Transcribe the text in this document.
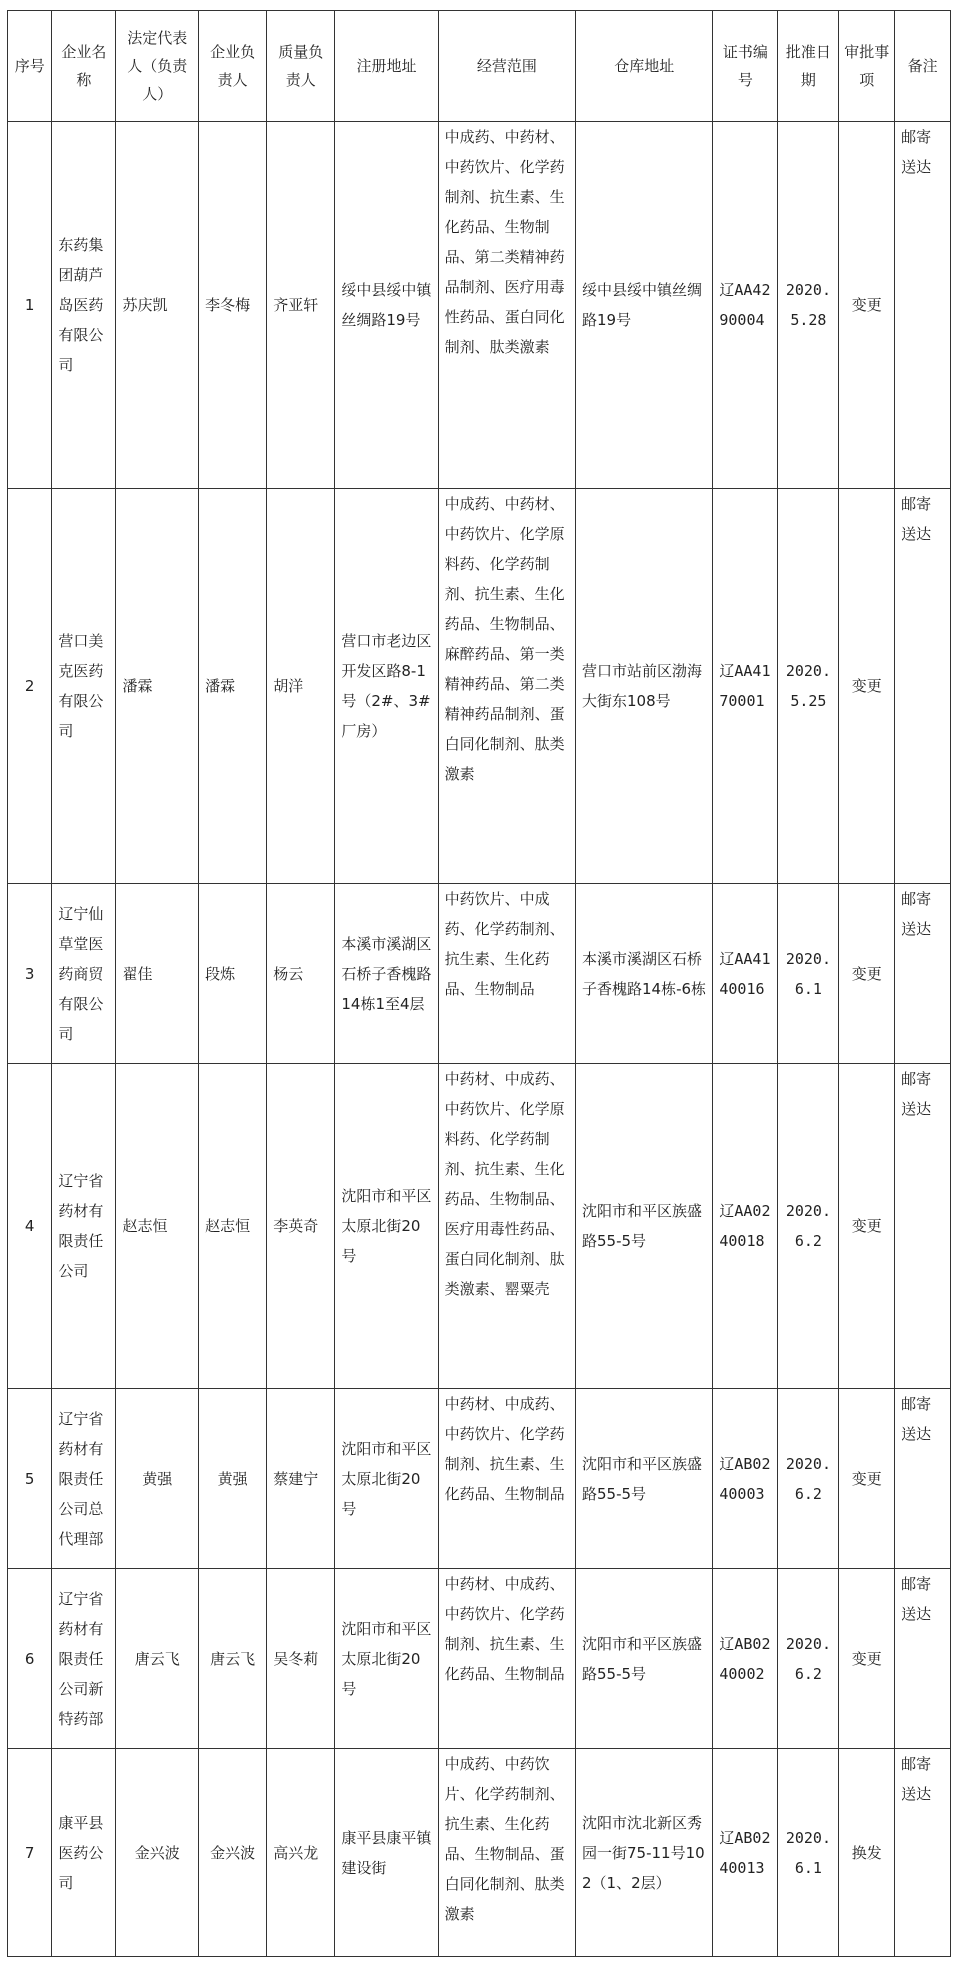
序号	企业名称	法定代表人（负责人）	企业负责人	质量负责人	注册地址	经营范围	仓库地址	证书编号	批准日期	审批事项	备注
1	东药集团葫芦岛医药有限公司	苏庆凯	李冬梅	齐亚轩	绥中县绥中镇丝绸路19号	中成药、中药材、中药饮片、化学药制剂、抗生素、生化药品、生物制品、第二类精神药品制剂、医疗用毒性药品、蛋白同化制剂、肽类激素	绥中县绥中镇丝绸路19号	辽AA4290004	2020.5.28	变更	邮寄送达
2	营口美克医药有限公司	潘霖	潘霖	胡洋	营口市老边区开发区路8-1号（2#、3#厂房）	中成药、中药材、中药饮片、化学原料药、化学药制剂、抗生素、生化药品、生物制品、麻醉药品、第一类精神药品、第二类精神药品制剂、蛋白同化制剂、肽类激素	营口市站前区渤海大街东108号	辽AA4170001	2020.5.25	变更	邮寄送达
3	辽宁仙草堂医药商贸有限公司	翟佳	段炼	杨云	本溪市溪湖区石桥子香槐路14栋1至4层	中药饮片、中成药、化学药制剂、抗生素、生化药品、生物制品	本溪市溪湖区石桥子香槐路14栋-6栋	辽AA4140016	2020.6.1	变更	邮寄送达
4	辽宁省药材有限责任公司	赵志恒	赵志恒	李英奇	沈阳市和平区太原北街20号	中药材、中成药、中药饮片、化学原料药、化学药制剂、抗生素、生化药品、生物制品、医疗用毒性药品、蛋白同化制剂、肽类激素、罂粟壳	沈阳市和平区族盛路55-5号	辽AA0240018	2020.6.2	变更	邮寄送达
5	辽宁省药材有限责任公司总代理部	黄强	黄强	蔡建宁	沈阳市和平区太原北街20号	中药材、中成药、中药饮片、化学药制剂、抗生素、生化药品、生物制品	沈阳市和平区族盛路55-5号	辽AB0240003	2020.6.2	变更	邮寄送达
6	辽宁省药材有限责任公司新特药部	唐云飞	唐云飞	吴冬莉	沈阳市和平区太原北街20号	中药材、中成药、中药饮片、化学药制剂、抗生素、生化药品、生物制品	沈阳市和平区族盛路55-5号	辽AB0240002	2020.6.2	变更	邮寄送达
7	康平县医药公司	金兴波	金兴波	高兴龙	康平县康平镇建设街	中成药、中药饮片、化学药制剂、抗生素、生化药品、生物制品、蛋白同化制剂、肽类激素	沈阳市沈北新区秀园一街75-11号102（1、2层）	辽AB0240013	2020.6.1	换发	邮寄送达
